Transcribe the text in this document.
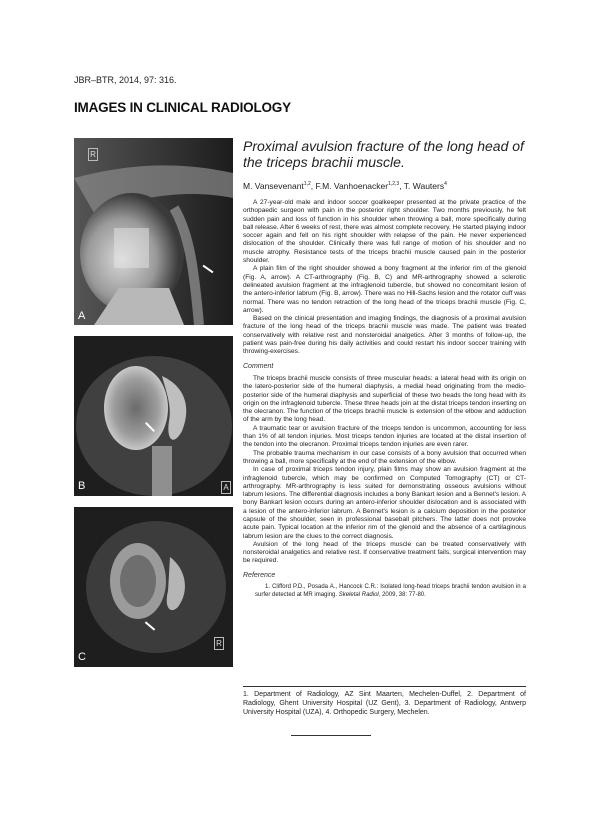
JBR–BTR, 2014, 97: 316.
IMAGES IN CLINICAL RADIOLOGY
R
A
A
B
R
C
Proximal avulsion fracture of the long head of the triceps brachii muscle.
M. Vansevenant$^{1,2}$, F.M. Vanhoenacker$^{1,2,3}$, T. Wauters$^4$

A 27-year-old male and indoor soccer goalkeeper presented at the private practice of the orthopaedic surgeon with pain in the posterior right shoulder. Two months previously, he felt sudden pain and loss of function in his shoulder when throwing a ball, more specifically during ball release. After 6 weeks of rest, there was almost complete recovery. He started playing indoor soccer again and fell on his right shoulder with relapse of the pain. He never experienced dislocation of the shoulder. Clinically there was full range of motion of his shoulder and no muscle atrophy. Resistance tests of the triceps brachii muscle caused pain in the posterior shoulder.

A plain film of the right shoulder showed a bony fragment at the inferior rim of the glenoid (Fig. A, arrow). A CT-arthrography (Fig. B, C) and MR-arthrography showed a sclerotic delineated avulsion fragment at the infraglenoid tubercle, but showed no concomitant lesion of the antero-inferior labrum (Fig. B, arrow). There was no Hill-Sachs lesion and the rotator cuff was normal. There was no tendon retraction of the long head of the triceps brachii muscle (Fig. C, arrow).

Based on the clinical presentation and imaging findings, the diagnosis of a proximal avulsion fracture of the long head of the triceps brachii muscle was made. The patient was treated conservatively with relative rest and nonsteroidal analgetics. After 3 months of follow-up, the patient was pain-free during his daily activities and could restart his indoor soccer training with throwing-exercises.

Comment

The triceps brachii muscle consists of three muscular heads: a lateral head with its origin on the latero-posterior side of the humeral diaphysis, a medial head originating from the medio-posterior side of the humeral diaphysis and superficial of these two heads the long head with its origin on the infraglenoid tubercle. These three heads join at the distal triceps tendon inserting on the olecranon. The function of the triceps brachii muscle is extension of the elbow and adduction of the arm by the long head.

A traumatic tear or avulsion fracture of the triceps tendon is uncommon, accounting for less than 1% of all tendon injuries. Most triceps tendon injuries are located at the distal insertion of the tendon into the olecranon. Proximal triceps tendon injuries are even rarer.

The probable trauma mechanism in our case consists of a bony avulsion that occurred when throwing a ball, more specifically at the end of the extension of the elbow.

In case of proximal triceps tendon injury, plain films may show an avulsion fragment at the infraglenoid tubercle, which may be confirmed on Computed Tomography (CT) or CT-arthrography. MR-arthrography is less suited for demonstrating osseous avulsions without labrum lesions. The differential diagnosis includes a bony Bankart lesion and a Bennet's lesion. A bony Bankart lesion occurs during an antero-inferior shoulder dislocation and is associated with a lesion of the antero-inferior labrum. A Bennet's lesion is a calcium deposition in the posterior capsule of the shoulder, seen in professional baseball pitchers. The latter does not provoke acute pain. Typical location at the inferior rim of the glenoid and the absence of a cartilaginous labrum lesion are the clues to the correct diagnosis.

Avulsion of the long head of the triceps muscle can be treated conservatively with nonsteroidal analgetics and relative rest. If conservative treatment fails, surgical intervention may be required.

Reference

1. Clifford P.D., Posada A., Hancock C.R.: Isolated long-head triceps brachii tendon avulsion in a surfer detected at MR imaging. Skeletal Radiol, 2009, 38: 77-80.

1. Department of Radiology, AZ Sint Maarten, Mechelen-Duffel, 2. Department of Radiology, Ghent University Hospital (UZ Gent), 3. Department of Radiology, Antwerp University Hospital (UZA), 4. Orthopedic Surgery, Mechelen.
